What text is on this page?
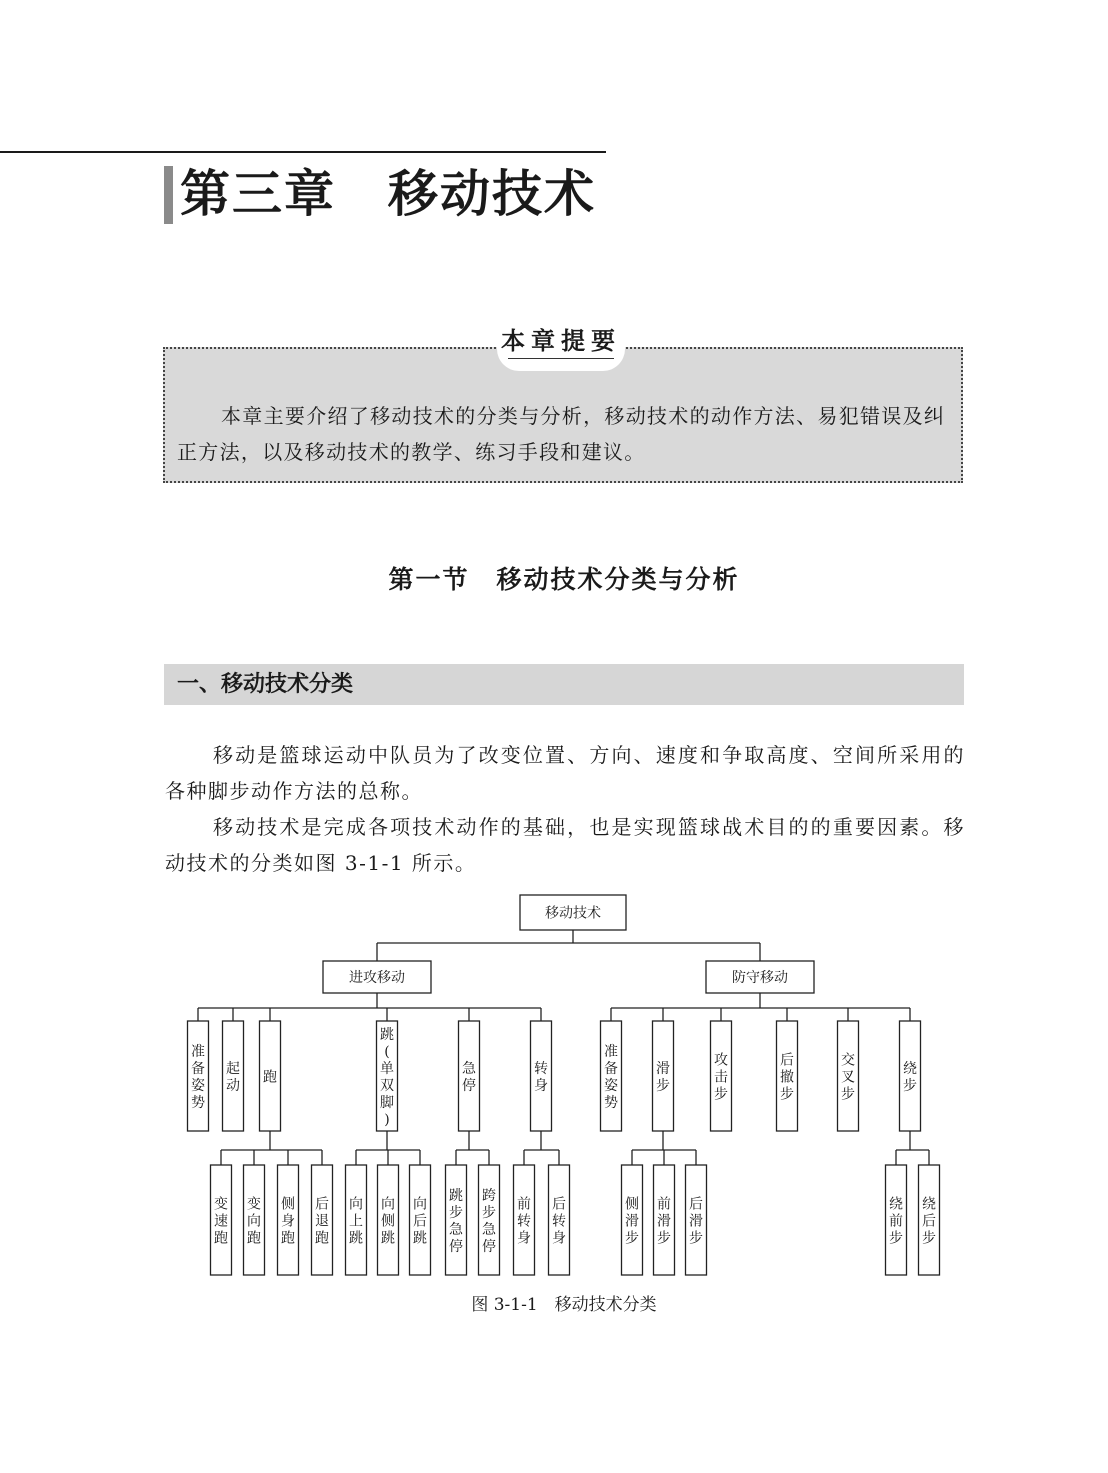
第三章　移动技术
本章提要

本章主要介绍了移动技术的分类与分析，移动技术的动作方法、易犯错误及纠正方法，以及移动技术的教学、练习手段和建议。

第一节　移动技术分类与分析
一、移动技术分类

移动是篮球运动中队员为了改变位置、方向、速度和争取高度、空间所采用的各种脚步动作方法的总称。

移动技术是完成各项技术动作的基础，也是实现篮球战术目的的重要因素。移动技术的分类如图 3-1-1 所示。

移动技术
进攻移动
准
备
姿
势
起
动
跑
变
速
跑
变
向
跑
侧
身
跑
后
退
跑
跳
(
单
双
脚
)
向
上
跳
向
侧
跳
向
后
跳
急
停
跳
步
急
停
跨
步
急
停
转
身
前
转
身
后
转
身
防守移动
准
备
姿
势
滑
步
侧
滑
步
前
滑
步
后
滑
步
攻
击
步
后
撤
步
交
叉
步
绕
步
绕
前
步
绕
后
步

图 3-1-1　移动技术分类
